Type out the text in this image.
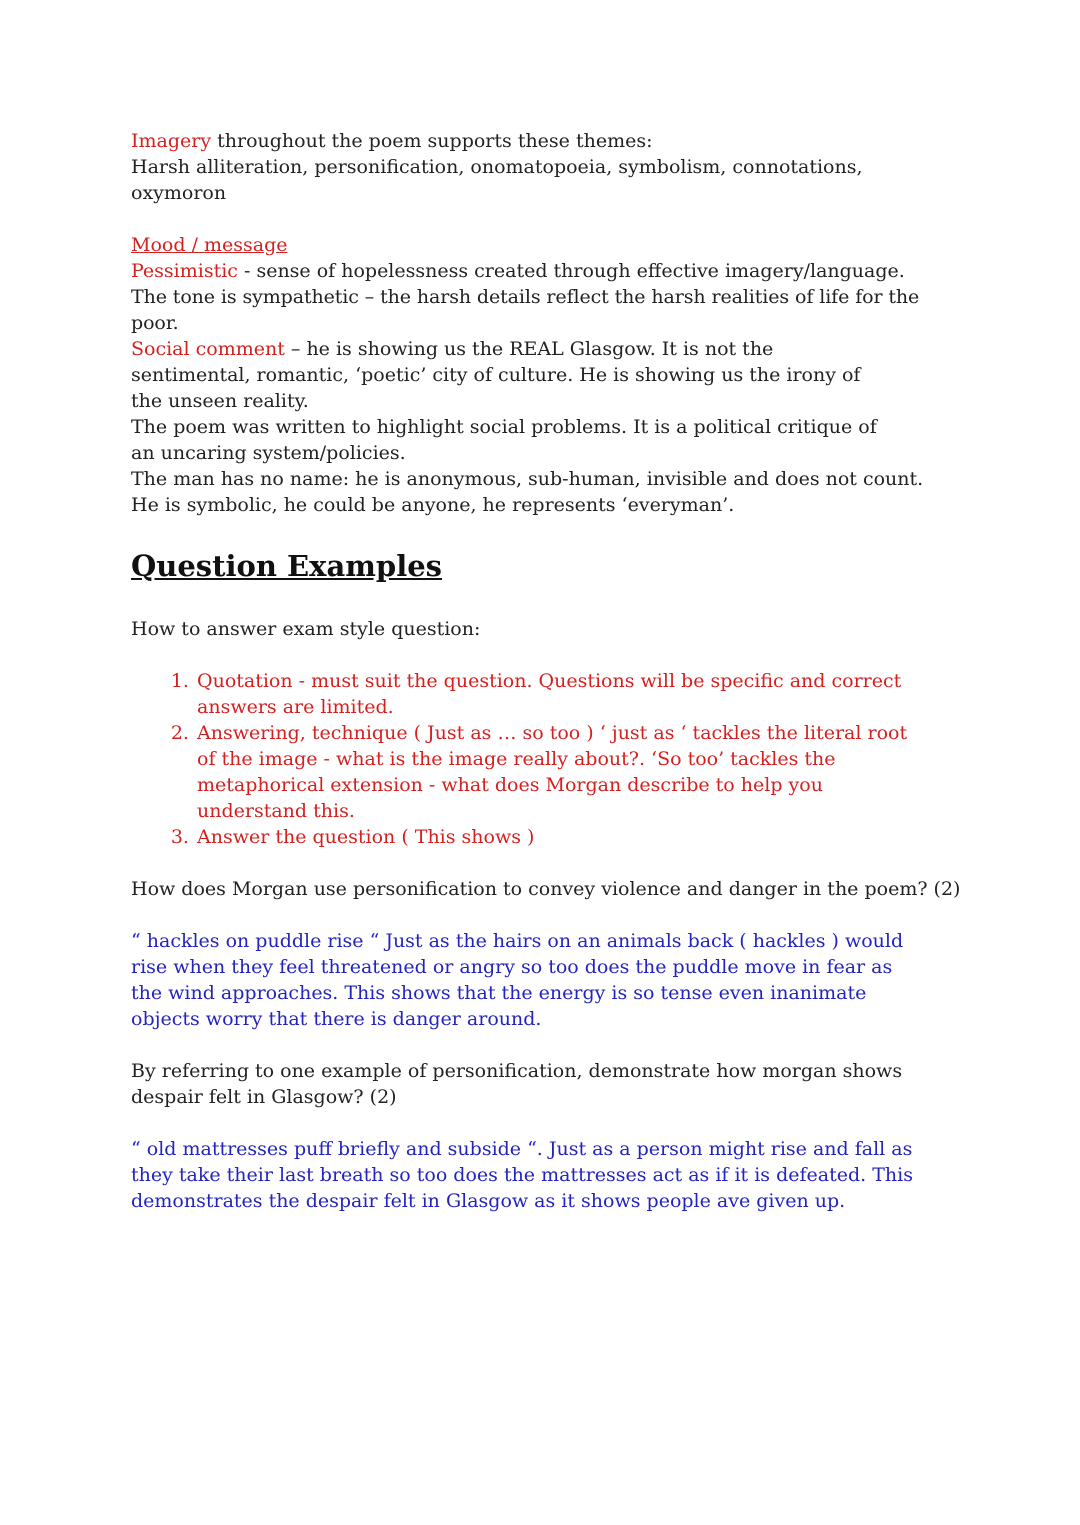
Imagery throughout the poem supports these themes:

Harsh alliteration, personification, onomatopoeia, symbolism, connotations, oxymoron

Mood / message

Pessimistic - sense of hopelessness created through effective imagery/language.

The tone is sympathetic – the harsh details reflect the harsh realities of life for the poor.

Social comment – he is showing us the REAL Glasgow. It is not the sentimental, romantic, ‘poetic’ city of culture. He is showing us the irony of the unseen reality.

The poem was written to highlight social problems. It is a political critique of an uncaring system/policies.

The man has no name: he is anonymous, sub-human, invisible and does not count. He is symbolic, he could be anyone, he represents ‘everyman’.

Question Examples

How to answer exam style question:

1. Quotation - must suit the question. Questions will be specific and correct answers are limited.
2. Answering, technique ( Just as … so too ) ‘ just as ‘ tackles the literal root of the image - what is the image really about?. ‘So too’ tackles the metaphorical extension - what does Morgan describe to help you understand this.
3. Answer the question ( This shows )

How does Morgan use personification to convey violence and danger in the poem? (2)

“ hackles on puddle rise “ Just as the hairs on an animals back ( hackles ) would rise when they feel threatened or angry so too does the puddle move in fear as the wind approaches. This shows that the energy is so tense even inanimate objects worry that there is danger around.

By referring to one example of personification, demonstrate how morgan shows despair felt in Glasgow? (2)

“ old mattresses puff briefly and subside “. Just as a person might rise and fall as they take their last breath so too does the mattresses act as if it is defeated. This demonstrates the despair felt in Glasgow as it shows people ave given up.
